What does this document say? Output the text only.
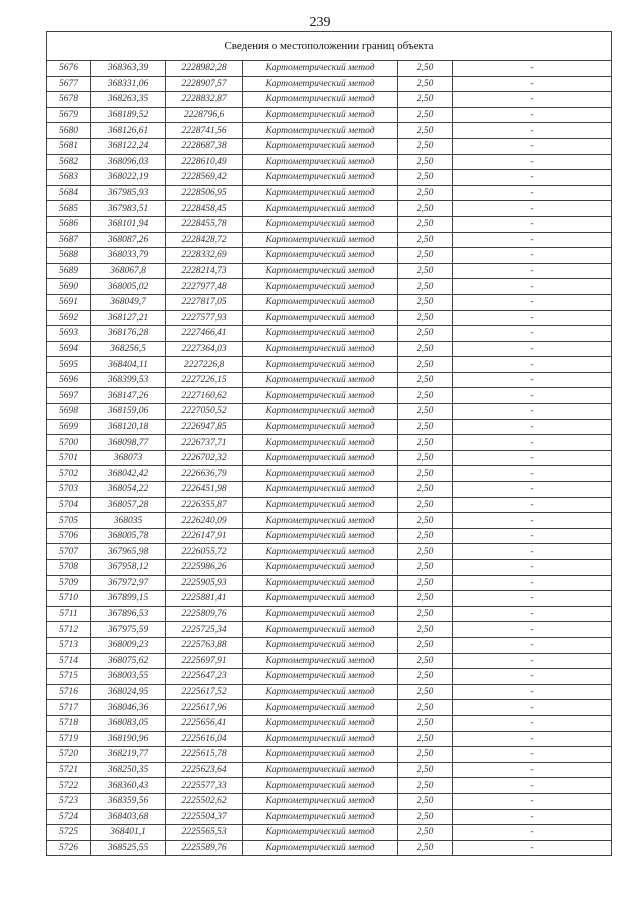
239
Сведения о местоположении границ объекта					
5676	368363,39	2228982,28	Картометрический метод	2,50	-
5677	368331,06	2228907,57	Картометрический метод	2,50	-
5678	368263,35	2228832,87	Картометрический метод	2,50	-
5679	368189,52	2228796,6	Картометрический метод	2,50	-
5680	368126,61	2228741,56	Картометрический метод	2,50	-
5681	368122,24	2228687,38	Картометрический метод	2,50	-
5682	368096,03	2228610,49	Картометрический метод	2,50	-
5683	368022,19	2228569,42	Картометрический метод	2,50	-
5684	367985,93	2228506,95	Картометрический метод	2,50	-
5685	367983,51	2228458,45	Картометрический метод	2,50	-
5686	368101,94	2228455,78	Картометрический метод	2,50	-
5687	368087,26	2228428,72	Картометрический метод	2,50	-
5688	368033,79	2228332,69	Картометрический метод	2,50	-
5689	368067,8	2228214,73	Картометрический метод	2,50	-
5690	368005,02	2227977,48	Картометрический метод	2,50	-
5691	368049,7	2227817,05	Картометрический метод	2,50	-
5692	368127,21	2227577,93	Картометрический метод	2,50	-
5693	368176,28	2227466,41	Картометрический метод	2,50	-
5694	368256,5	2227364,03	Картометрический метод	2,50	-
5695	368404,11	2227226,8	Картометрический метод	2,50	-
5696	368399,53	2227226,15	Картометрический метод	2,50	-
5697	368147,26	2227160,62	Картометрический метод	2,50	-
5698	368159,06	2227050,52	Картометрический метод	2,50	-
5699	368120,18	2226947,85	Картометрический метод	2,50	-
5700	368098,77	2226737,71	Картометрический метод	2,50	-
5701	368073	2226702,32	Картометрический метод	2,50	-
5702	368042,42	2226636,79	Картометрический метод	2,50	-
5703	368054,22	2226451,98	Картометрический метод	2,50	-
5704	368057,28	2226355,87	Картометрический метод	2,50	-
5705	368035	2226240,09	Картометрический метод	2,50	-
5706	368005,78	2226147,91	Картометрический метод	2,50	-
5707	367965,98	2226055,72	Картометрический метод	2,50	-
5708	367958,12	2225986,26	Картометрический метод	2,50	-
5709	367972,97	2225905,93	Картометрический метод	2,50	-
5710	367899,15	2225881,41	Картометрический метод	2,50	-
5711	367896,53	2225809,76	Картометрический метод	2,50	-
5712	367975,59	2225725,34	Картометрический метод	2,50	-
5713	368009,23	2225763,88	Картометрический метод	2,50	-
5714	368075,62	2225697,91	Картометрический метод	2,50	-
5715	368003,55	2225647,23	Картометрический метод	2,50	-
5716	368024,95	2225617,52	Картометрический метод	2,50	-
5717	368046,36	2225617,96	Картометрический метод	2,50	-
5718	368083,05	2225656,41	Картометрический метод	2,50	-
5719	368190,96	2225616,04	Картометрический метод	2,50	-
5720	368219,77	2225615,78	Картометрический метод	2,50	-
5721	368250,35	2225623,64	Картометрический метод	2,50	-
5722	368360,43	2225577,33	Картометрический метод	2,50	-
5723	368359,56	2225502,62	Картометрический метод	2,50	-
5724	368403,68	2225504,37	Картометрический метод	2,50	-
5725	368401,1	2225565,53	Картометрический метод	2,50	-
5726	368525,55	2225589,76	Картометрический метод	2,50	-
